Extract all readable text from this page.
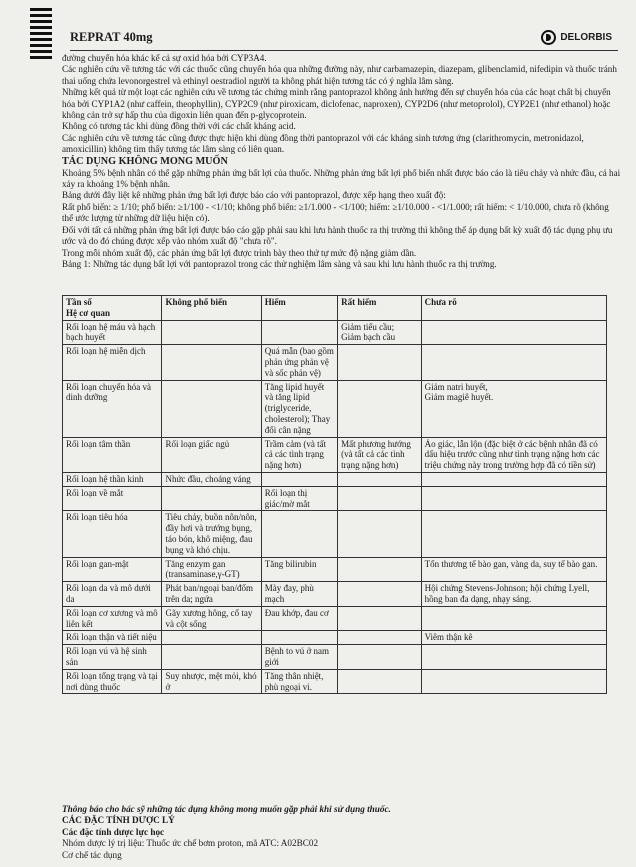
REPRAT 40mg	DELORBIS

đường chuyển hóa khác kể cả sự oxid hóa bởi CYP3A4.

Các nghiên cứu về tương tác với các thuốc cũng chuyển hóa qua những đường này, như carbamazepin, diazepam, glibenclamid, nifedipin và thuốc tránh thai uống chứa levonorgestrel và ethinyl oestradiol người ta không phát hiện tương tác có ý nghĩa lâm sàng.

Những kết quả từ một loạt các nghiên cứu về tương tác chứng minh rằng pantoprazol không ảnh hưởng đến sự chuyển hóa của các hoạt chất bị chuyển hóa bởi CYP1A2 (như caffein, theophyllin), CYP2C9 (như piroxicam, diclofenac, naproxen), CYP2D6 (như metoprolol), CYP2E1 (như ethanol) hoặc không cản trở sự hấp thu của digoxin liên quan đến p-glycoprotein.

Không có tương tác khi dùng đồng thời với các chất kháng acid.

Các nghiên cứu về tương tác cũng được thực hiện khi dùng đồng thời pantoprazol với các kháng sinh tương ứng (clarithromycin, metronidazol, amoxicillin) không tìm thấy tương tác lâm sàng có liên quan.

TÁC DỤNG KHÔNG MONG MUỐN

Khoảng 5% bệnh nhân có thể gặp những phản ứng bất lợi của thuốc. Những phản ứng bất lợi phổ biến nhất được báo cáo là tiêu chảy và nhức đầu, cả hai xảy ra khoảng 1% bệnh nhân.

Bảng dưới đây liệt kê những phản ứng bất lợi được báo cáo với pantoprazol, được xếp hạng theo xuất độ:

Rất phổ biến: ≥ 1/10; phổ biến: ≥1/100 - <1/10; không phổ biến: ≥1/1.000 - <1/100; hiếm: ≥1/10.000 - <1/1.000; rất hiếm: < 1/10.000, chưa rõ (không thể ước lượng từ những dữ liệu hiện có).

Đối với tất cả những phản ứng bất lợi được báo cáo gặp phải sau khi lưu hành thuốc ra thị trường thì không thể áp dụng bất kỳ xuất độ tác dụng phụ ưu ước và do đó chúng được xếp vào nhóm xuất độ "chưa rõ".

Trong mỗi nhóm xuất độ, các phản ứng bất lợi được trình bày theo thứ tự mức độ nặng giảm dần.

Bảng 1: Những tác dụng bất lợi với pantoprazol trong các thử nghiệm lâm sàng và sau khi lưu hành thuốc ra thị trường.

Tần số
Hệ cơ quan	Không phổ biến	Hiếm	Rất hiếm	Chưa rõ
Rối loạn hệ máu và hạch bạch huyết			Giảm tiểu cầu;
Giảm bạch cầu	
Rối loạn hệ miễn dịch		Quá mẫn (bao gồm phản ứng phản vệ và sốc phản vệ)		
Rối loạn chuyển hóa và dinh dưỡng		Tăng lipid huyết và tăng lipid (triglyceride, cholesterol); Thay đổi cân nặng		Giảm natri huyết,
Giảm magiê huyết.
Rối loạn tâm thần	Rối loạn giấc ngủ	Trầm cảm (và tất cả các tình trạng nặng hơn)	Mất phương hướng (và tất cả các tình trạng nặng hơn)	Ảo giác, lẫn lộn (đặc biệt ở các bệnh nhân đã có dấu hiệu trước cũng như tình trạng nặng hơn các triệu chứng này trong trường hợp đã có tiền sử)
Rối loạn hệ thần kinh	Nhức đầu, choáng váng			
Rối loạn về mắt		Rối loạn thị giác/mờ mắt		
Rối loạn tiêu hóa	Tiêu chảy, buồn nôn/nôn, đầy hơi và trướng bụng, táo bón, khô miệng, đau bụng và khó chịu.			
Rối loạn gan-mật	Tăng enzym gan (transaminase,γ-GT)	Tăng bilirubin		Tổn thương tế bào gan, vàng da, suy tế bào gan.
Rối loạn da và mô dưới da	Phát ban/ngoại ban/đốm trên da; ngứa	Mày đay, phù mạch		Hội chứng Stevens-Johnson; hội chứng Lyell, hồng ban đa dạng, nhạy sáng.
Rối loạn cơ xương và mô liên kết	Gãy xương hông, cổ tay và cột sống	Đau khớp, đau cơ		
Rối loạn thận và tiết niệu				Viêm thận kẽ
Rối loạn vú và hệ sinh sản		Bệnh to vú ở nam giới		
Rối loạn tổng trạng và tại nơi dùng thuốc	Suy nhược, mệt mỏi, khó ở	Tăng thân nhiệt, phù ngoại vi.		

Thông báo cho bác sỹ những tác dụng không mong muốn gặp phải khi sử dụng thuốc.

CÁC ĐẶC TÍNH DƯỢC LÝ

Các đặc tính dược lực học

Nhóm dược lý trị liệu: Thuốc ức chế bơm proton, mã ATC: A02BC02

Cơ chế tác dụng
